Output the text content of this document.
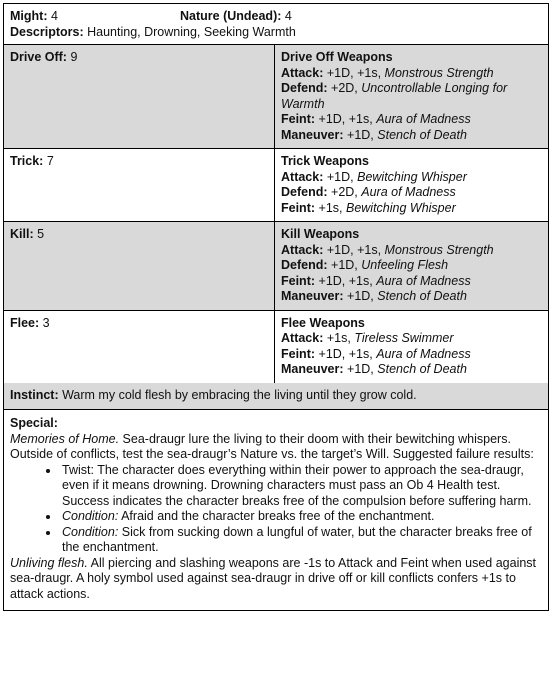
Might: 4	Nature (Undead): 4
Descriptors: Haunting, Drowning, Seeking Warmth
Drive Off: 9	Drive Off Weapons
Attack: +1D, +1s, Monstrous Strength
Defend: +2D, Uncontrollable Longing for Warmth
Feint: +1D, +1s, Aura of Madness
Maneuver: +1D, Stench of Death
Trick: 7	Trick Weapons
Attack: +1D, Bewitching Whisper
Defend: +2D, Aura of Madness
Feint: +1s, Bewitching Whisper
Kill: 5	Kill Weapons
Attack: +1D, +1s, Monstrous Strength
Defend: +1D, Unfeeling Flesh
Feint: +1D, +1s, Aura of Madness
Maneuver: +1D, Stench of Death
Flee: 3	Flee Weapons
Attack: +1s, Tireless Swimmer
Feint: +1D, +1s, Aura of Madness
Maneuver: +1D, Stench of Death
Instinct: Warm my cold flesh by embracing the living until they grow cold.
Special:
Memories of Home. Sea-draugr lure the living to their doom with their bewitching whispers. Outside of conflicts, test the sea-draugr’s Nature vs. the target’s Will. Suggested failure results:
• Twist: The character does everything within their power to approach the sea-draugr, even if it means drowning. Drowning characters must pass an Ob 4 Health test. Success indicates the character breaks free of the compulsion before suffering harm.
• Condition: Afraid and the character breaks free of the enchantment.
• Condition: Sick from sucking down a lungful of water, but the character breaks free of the enchantment.
Unliving flesh. All piercing and slashing weapons are -1s to Attack and Feint when used against sea-draugr. A holy symbol used against sea-draugr in drive off or kill conflicts confers +1s to attack actions.
